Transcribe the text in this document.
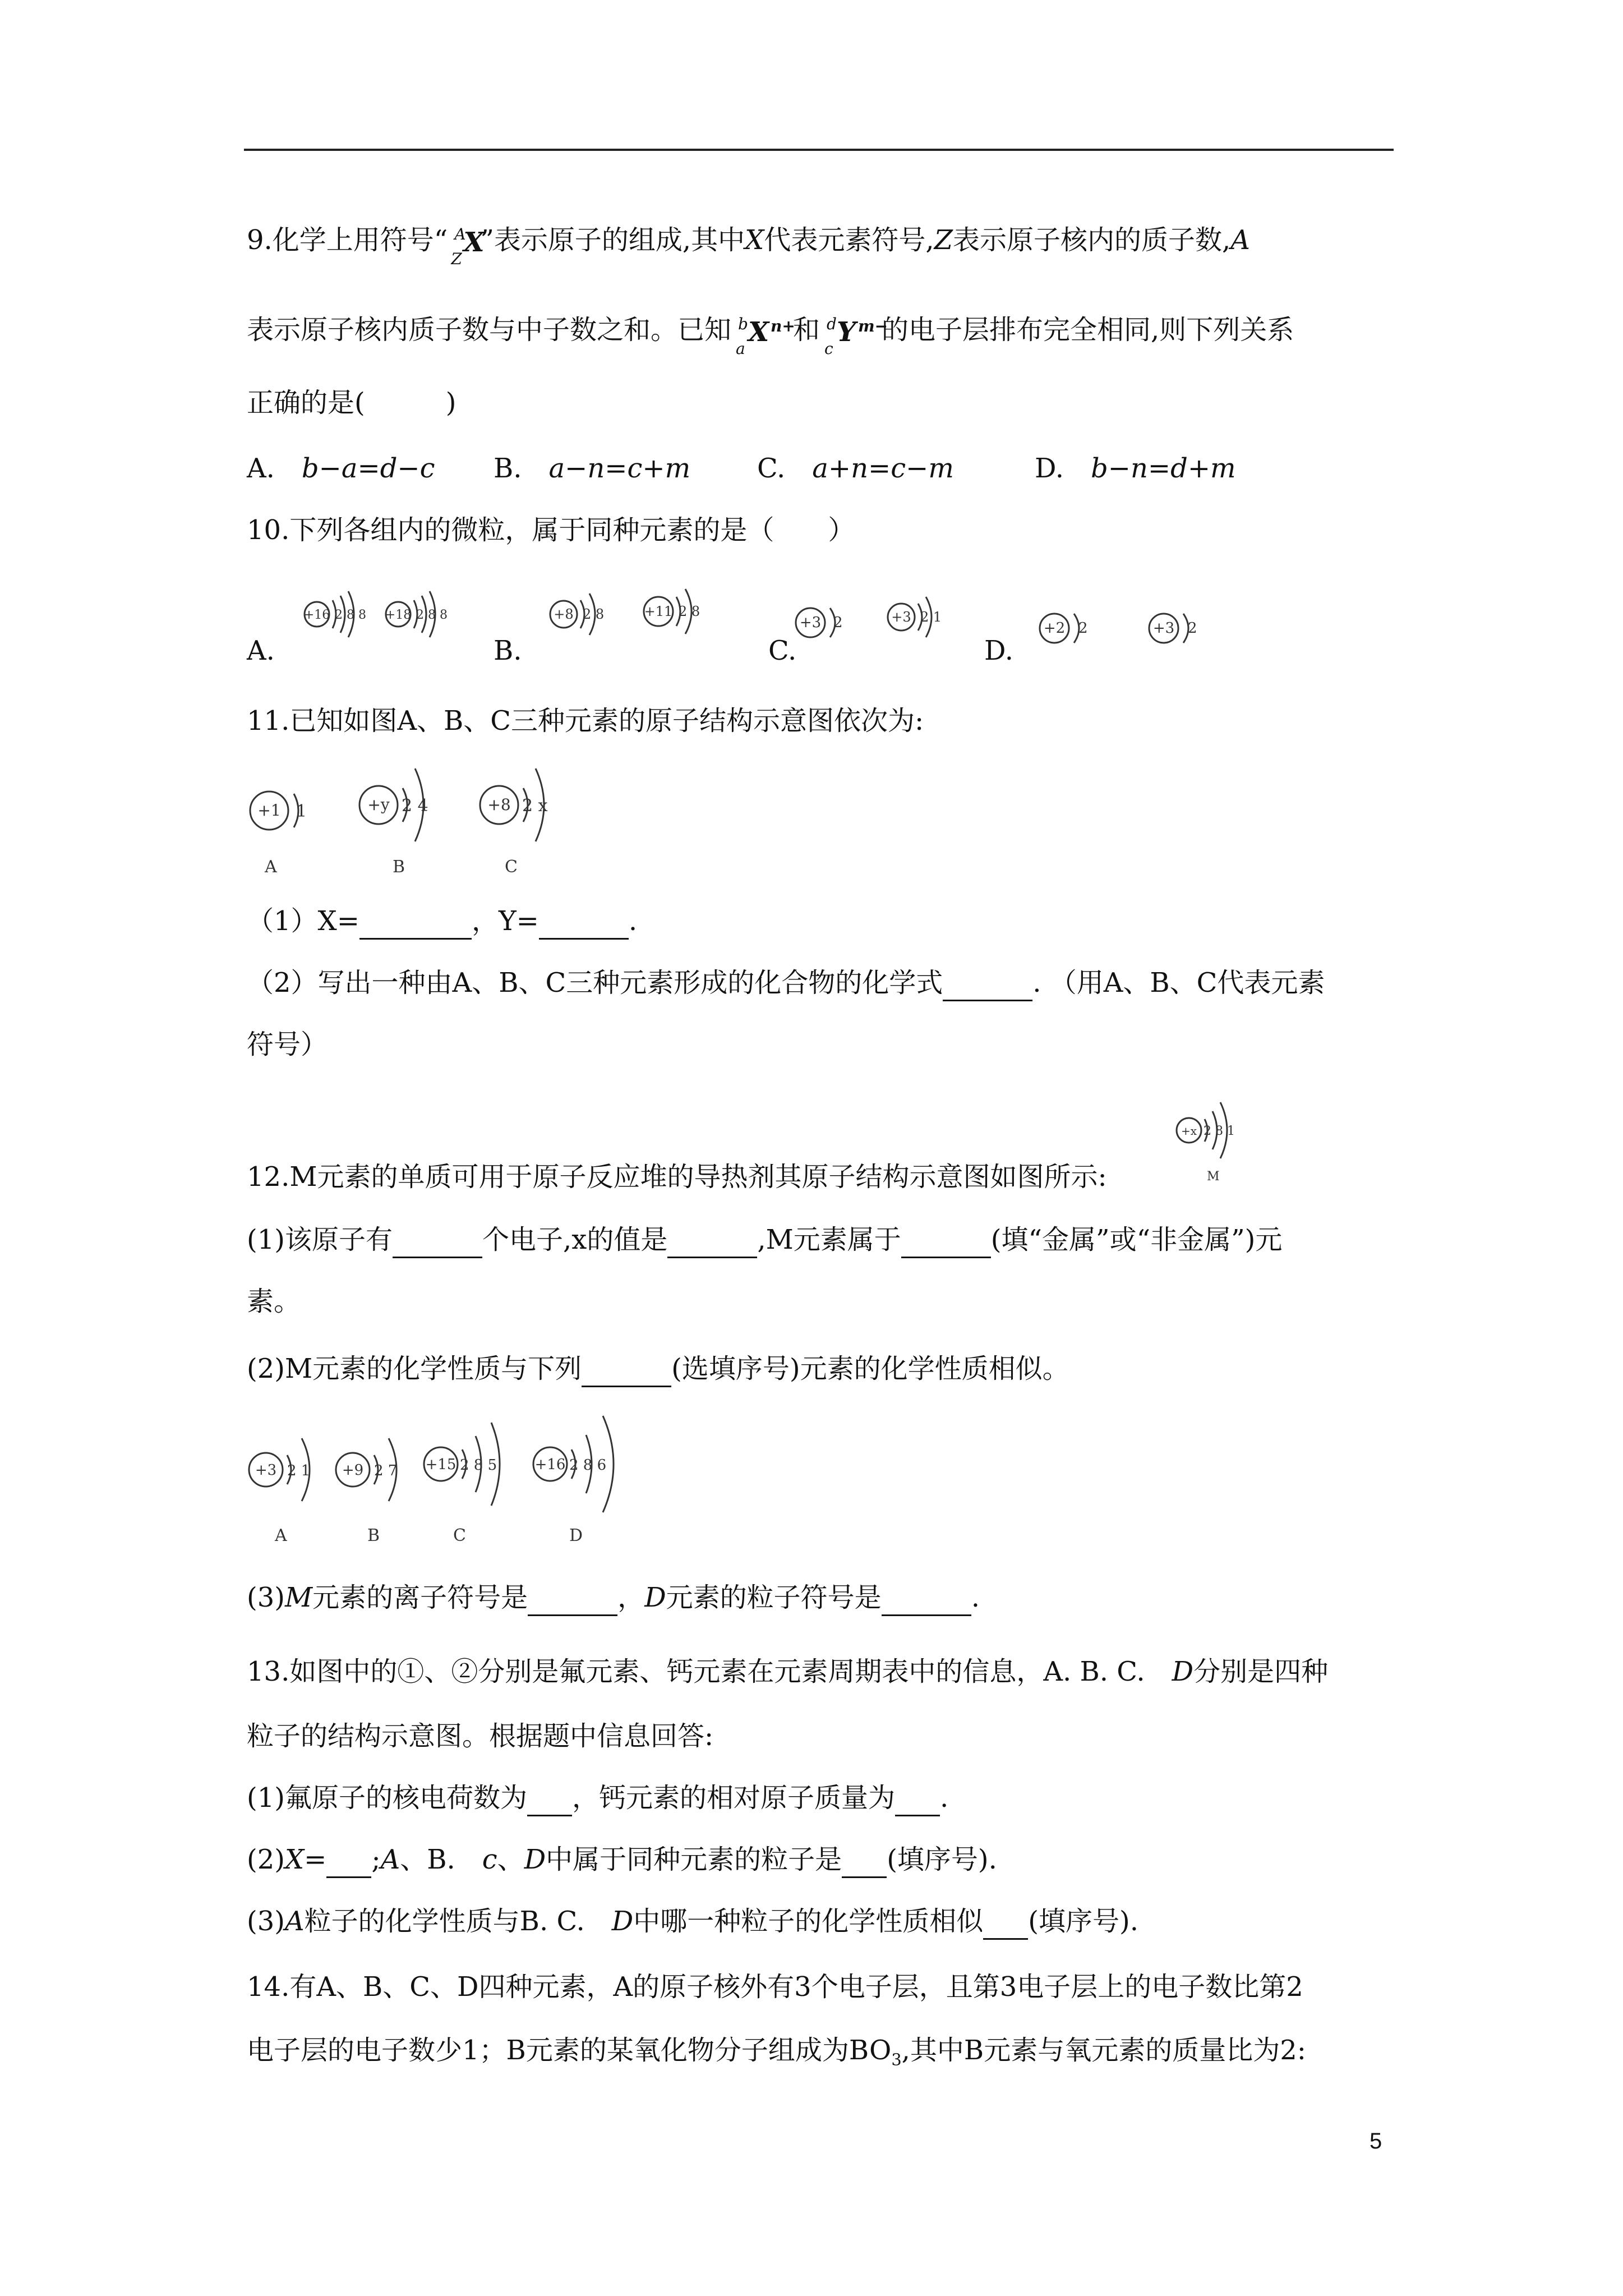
9.化学上用符号“ A
Z
X
”表示原子的组成,其中X代表元素符号,Z表示原子核内的质子数,A
表示原子核内质子数与中子数之和。已知 b
a
X n+
和 d
c
Y m−
的电子层排布完全相同,则下列关系
正确的是(　　　)
A. b−a=d−c B. a−n=c+m C. a+n=c−m	D. b−n=d+m
10.下列各组内的微粒，属于同种元素的是（　　）
A.	B.	C.	D.
+16 2 8 8 +18 2 8 8	+8 2 8	+11 2 8
+3 2	+3 2 1
+2 2	+3 2
11.已知如图A、B、C三种元素的原子结构示意图依次为:
+1 1	+y 2 4	+8 2 x
A	B	C
（1）X=	，Y=	.
（2）写出一种由A、B、C三种元素形成的化合物的化学式	. （用A、B、C代表元素
符号）
12.M元素的单质可用于原子反应堆的导热剂其原子结构示意图如图所示:
+x 2 8 1
M
(1)该原子有	个电子,x的值是	,M元素属于	(填“金属”或“非金属”)元
素。
(2)M元素的化学性质与下列	(选填序号)元素的化学性质相似。
+3 2 1 +9 2 7 +15 2 8 5	+16 2 8 6
A	B	C	D
(3)M元素的离子符号是	，D元素的粒子符号是	.
13.如图中的①、②分别是氟元素、钙元素在元素周期表中的信息，A. B. C.　D分别是四种
粒子的结构示意图。根据题中信息回答:
(1)氟原子的核电荷数为 ，钙元素的相对原子质量为 .
(2)X= ;A、B.　c、D中属于同种元素的粒子是 (填序号).
(3)A粒子的化学性质与B. C.　D中哪一种粒子的化学性质相似 (填序号).
14.有A、B、C、D四种元素，A的原子核外有3个电子层，且第3电子层上的电子数比第2
电子层的电子数少1；B元素的某氧化物分子组成为$BO_3$,其中B元素与氧元素的质量比为2:
5
